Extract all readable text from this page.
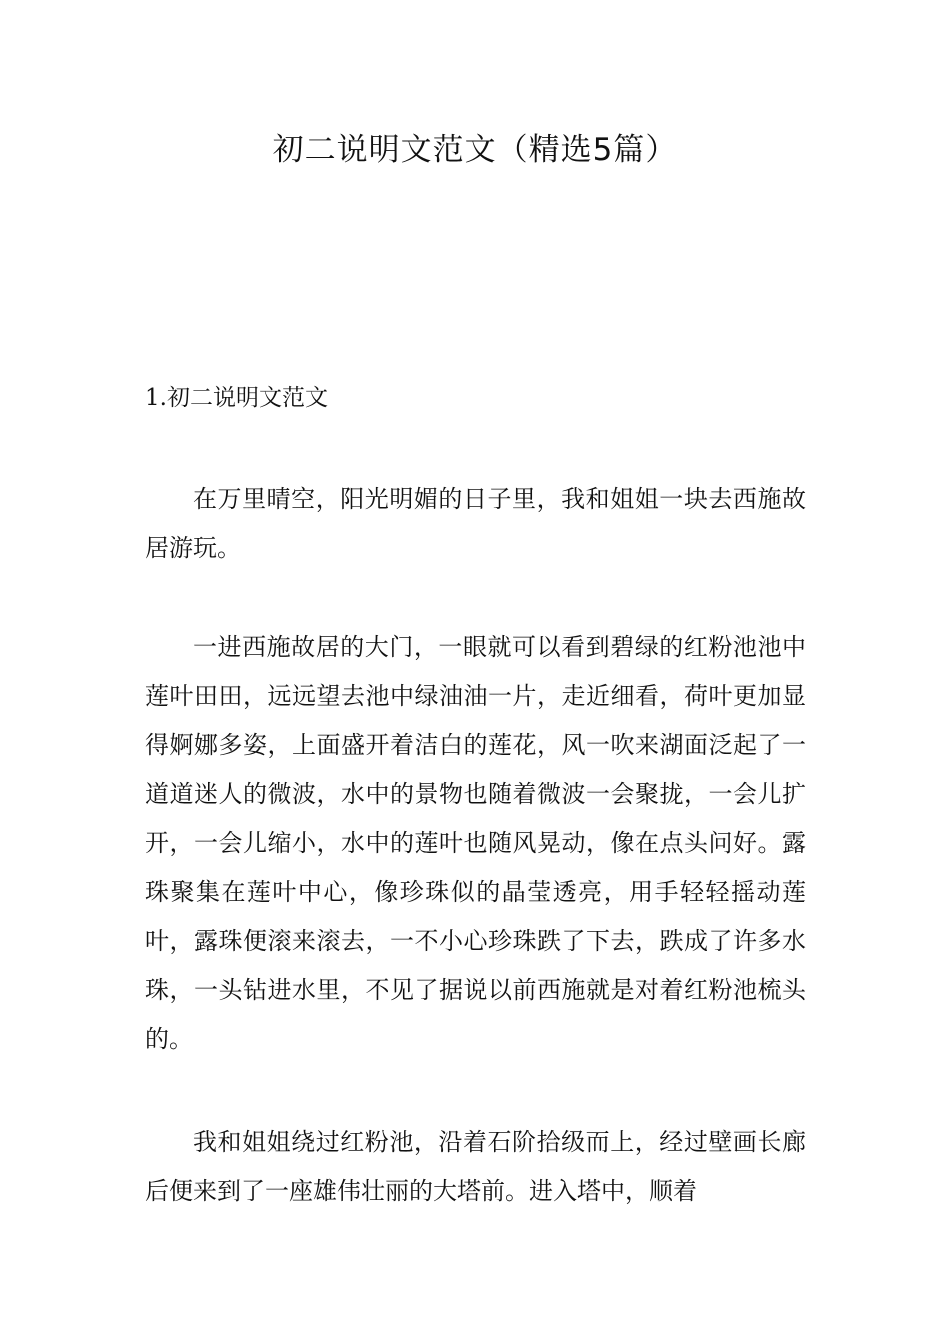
初二说明文范文（精选5篇）
1.初二说明文范文

在万里晴空，阳光明媚的日子里，我和姐姐一块去西施故居游玩。

一进西施故居的大门，一眼就可以看到碧绿的红粉池池中莲叶田田，远远望去池中绿油油一片，走近细看，荷叶更加显得婀娜多姿，上面盛开着洁白的莲花，风一吹来湖面泛起了一道道迷人的微波，水中的景物也随着微波一会聚拢，一会儿扩开，一会儿缩小，水中的莲叶也随风晃动，像在点头问好。露珠聚集在莲叶中心，像珍珠似的晶莹透亮，用手轻轻摇动莲叶，露珠便滚来滚去，一不小心珍珠跌了下去，跌成了许多水珠，一头钻进水里，不见了据说以前西施就是对着红粉池梳头的。

我和姐姐绕过红粉池，沿着石阶拾级而上，经过壁画长廊后便来到了一座雄伟壮丽的大塔前。进入塔中，顺着
